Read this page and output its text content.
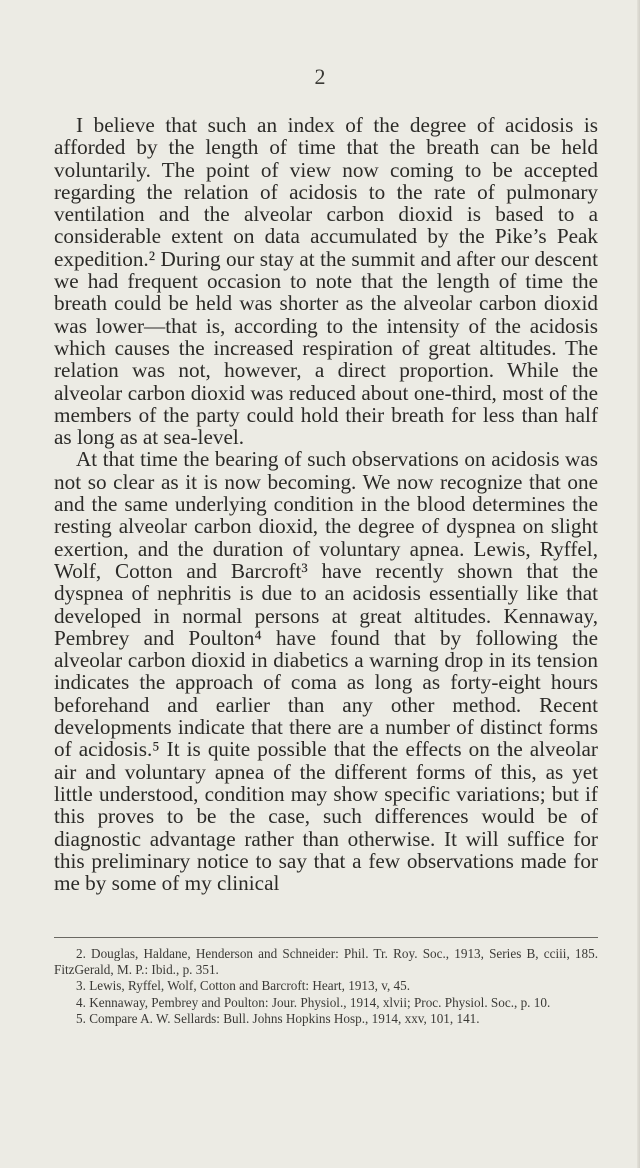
2

I believe that such an index of the degree of acidosis is afforded by the length of time that the breath can be held voluntarily. The point of view now coming to be accepted regarding the relation of acidosis to the rate of pulmonary ventilation and the alveolar carbon dioxid is based to a considerable extent on data accumulated by the Pike’s Peak expedition.² During our stay at the summit and after our descent we had frequent occasion to note that the length of time the breath could be held was shorter as the alveolar carbon dioxid was lower—that is, according to the intensity of the acidosis which causes the increased respiration of great altitudes. The relation was not, however, a direct proportion. While the alveolar carbon dioxid was reduced about one-third, most of the members of the party could hold their breath for less than half as long as at sea-level.

At that time the bearing of such observations on acidosis was not so clear as it is now becoming. We now recognize that one and the same underlying condition in the blood determines the resting alveolar carbon dioxid, the degree of dyspnea on slight exertion, and the duration of voluntary apnea. Lewis, Ryffel, Wolf, Cotton and Barcroft³ have recently shown that the dyspnea of nephritis is due to an acidosis essentially like that developed in normal persons at great altitudes. Kennaway, Pembrey and Poulton⁴ have found that by following the alveolar carbon dioxid in diabetics a warning drop in its tension indicates the approach of coma as long as forty-eight hours beforehand and earlier than any other method. Recent developments indicate that there are a number of distinct forms of acidosis.⁵ It is quite possible that the effects on the alveolar air and voluntary apnea of the different forms of this, as yet little understood, condition may show specific variations; but if this proves to be the case, such differences would be of diagnostic advantage rather than otherwise. It will suffice for this preliminary notice to say that a few observations made for me by some of my clinical

2. Douglas, Haldane, Henderson and Schneider: Phil. Tr. Roy. Soc., 1913, Series B, cciii, 185. FitzGerald, M. P.: Ibid., p. 351.

3. Lewis, Ryffel, Wolf, Cotton and Barcroft: Heart, 1913, v, 45.

4. Kennaway, Pembrey and Poulton: Jour. Physiol., 1914, xlvii; Proc. Physiol. Soc., p. 10.

5. Compare A. W. Sellards: Bull. Johns Hopkins Hosp., 1914, xxv, 101, 141.
